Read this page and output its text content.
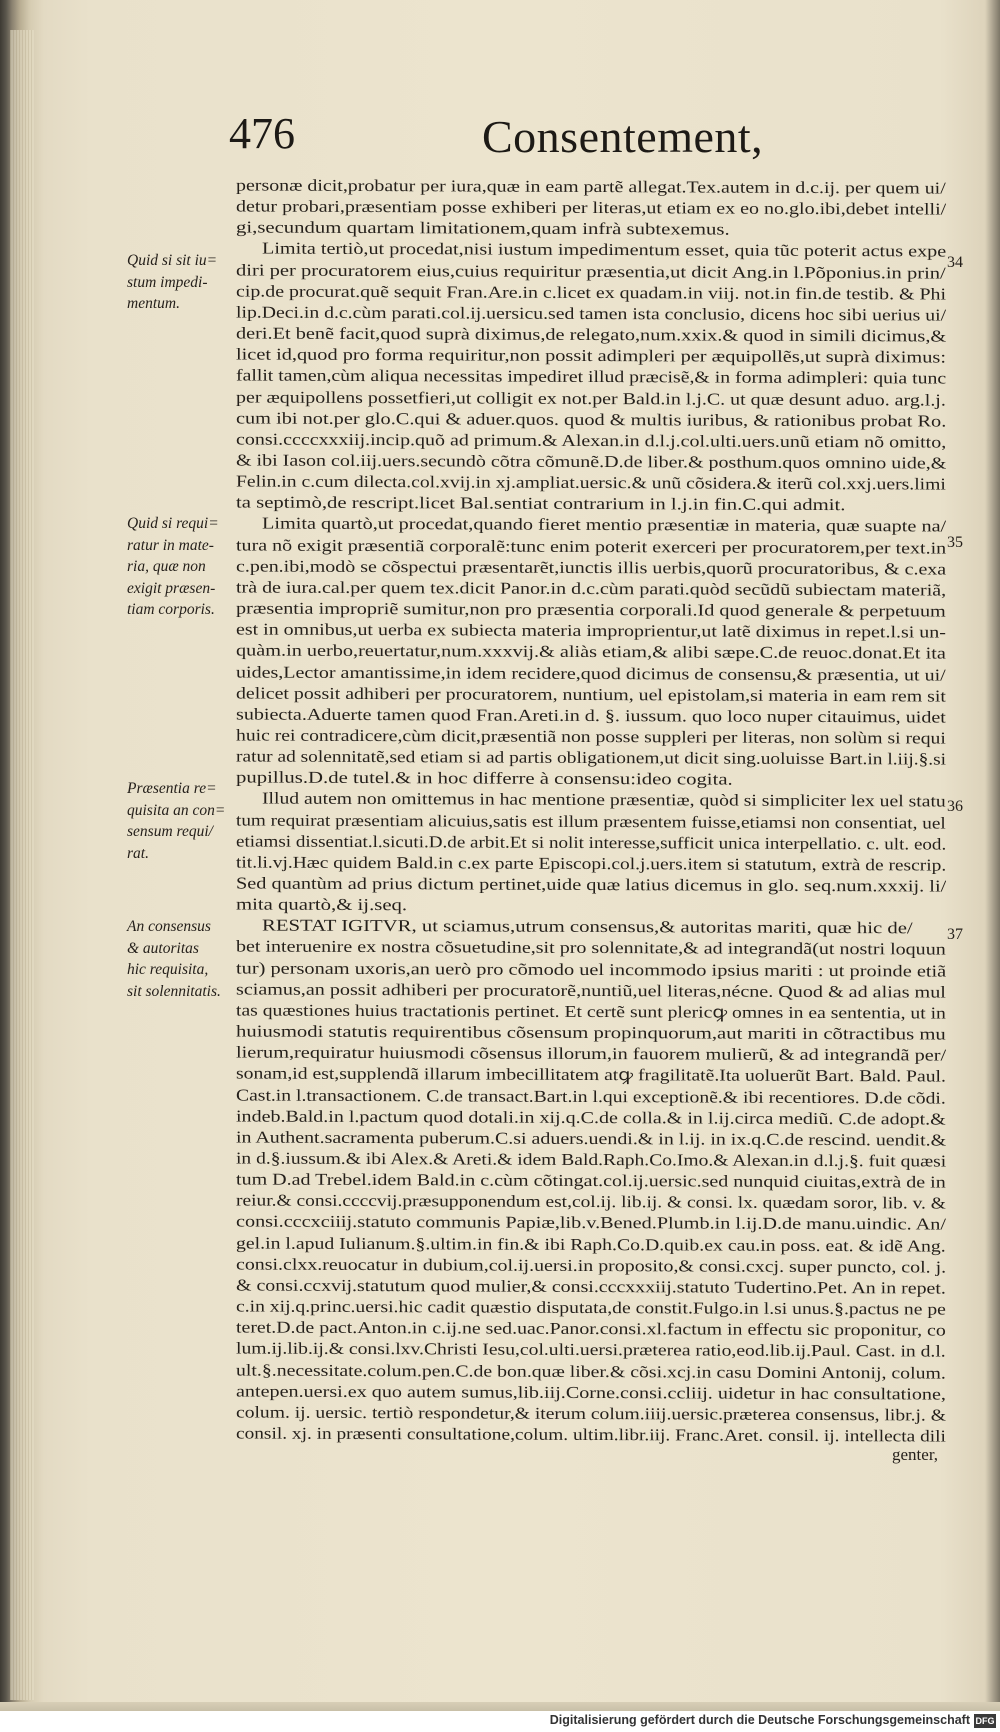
476	Consentement,
personæ dicit,probatur per iura,quæ in eam partẽ allegat.Tex.autem in d.c.ij. per quem ui/
detur probari,præsentiam posse exhiberi per literas,ut etiam ex eo no.glo.ibi,debet intelli/
gi,secundum quartam limitationem,quam infrà subtexemus.
Limita tertiò,ut procedat,nisi iustum impedimentum esset, quia tũc poterit actus expe
diri per procuratorem eius,cuius requiritur præsentia,ut dicit Ang.in l.Põponius.in prin/
cip.de procurat.quẽ sequit Fran.Are.in c.licet ex quadam.in viij. not.in fin.de testib. & Phi
lip.Deci.in d.c.cùm parati.col.ij.uersicu.sed tamen ista conclusio, dicens hoc sibi uerius ui/
deri.Et benẽ facit,quod suprà diximus,de relegato,num.xxix.& quod in simili dicimus,&
licet id,quod pro forma requiritur,non possit adimpleri per æquipollẽs,ut suprà diximus:
fallit tamen,cùm aliqua necessitas impediret illud præcisẽ,& in forma adimpleri: quia tunc
per æquipollens possetfieri,ut colligit ex not.per Bald.in l.j.C. ut quæ desunt aduo. arg.l.j.
cum ibi not.per glo.C.qui & aduer.quos. quod & multis iuribus, & rationibus probat Ro.
consi.ccccxxxiij.incip.quõ ad primum.& Alexan.in d.l.j.col.ulti.uers.unũ etiam nõ omitto,
& ibi Iason col.iij.uers.secundò cõtra cõmunẽ.D.de liber.& posthum.quos omnino uide,&
Felin.in c.cum dilecta.col.xvij.in xj.ampliat.uersic.& unũ cõsidera.& iterũ col.xxj.uers.limi
ta septimò,de rescript.licet Bal.sentiat contrarium in l.j.in fin.C.qui admit.
Limita quartò,ut procedat,quando fieret mentio præsentiæ in materia, quæ suapte na/
tura nõ exigit præsentiã corporalẽ:tunc enim poterit exerceri per procuratorem,per text.in
c.pen.ibi,modò se cõspectui præsentarẽt,iunctis illis uerbis,quorũ procuratoribus, & c.exa
trà de iura.cal.per quem tex.dicit Panor.in d.c.cùm parati.quòd secũdũ subiectam materiã,
præsentia impropriẽ sumitur,non pro præsentia corporali.Id quod generale & perpetuum
est in omnibus,ut uerba ex subiecta materia improprientur,ut latẽ diximus in repet.l.si un-
quàm.in uerbo,reuertatur,num.xxxvij.& aliàs etiam,& alibi sæpe.C.de reuoc.donat.Et ita
uides,Lector amantissime,in idem recidere,quod dicimus de consensu,& præsentia, ut ui/
delicet possit adhiberi per procuratorem, nuntium, uel epistolam,si materia in eam rem sit
subiecta.Aduerte tamen quod Fran.Areti.in d. §. iussum. quo loco nuper citauimus, uidet
huic rei contradicere,cùm dicit,præsentiã non posse suppleri per literas, non solùm si requi
ratur ad solennitatẽ,sed etiam si ad partis obligationem,ut dicit sing.uoluisse Bart.in l.iij.§.si
pupillus.D.de tutel.& in hoc differre à consensu:ideo cogita.
Illud autem non omittemus in hac mentione præsentiæ, quòd si simpliciter lex uel statu
tum requirat præsentiam alicuius,satis est illum præsentem fuisse,etiamsi non consentiat, uel
etiamsi dissentiat.l.sicuti.D.de arbit.Et si nolit interesse,sufficit unica interpellatio. c. ult. eod.
tit.li.vj.Hæc quidem Bald.in c.ex parte Episcopi.col.j.uers.item si statutum, extrà de rescrip.
Sed quantùm ad prius dictum pertinet,uide quæ latius dicemus in glo. seq.num.xxxij. li/
mita quartò,& ij.seq.
RESTAT IGITVR, ut sciamus,utrum consensus,& autoritas mariti, quæ hic de/
bet interuenire ex nostra cõsuetudine,sit pro solennitate,& ad integrandã(ut nostri loquun
tur) personam uxoris,an uerò pro cõmodo uel incommodo ipsius mariti : ut proinde etiã
sciamus,an possit adhiberi per procuratorẽ,nuntiũ,uel literas,nécne. Quod & ad alias mul
tas quæstiones huius tractationis pertinet. Et certẽ sunt plericꝙ omnes in ea sententia, ut in
huiusmodi statutis requirentibus cõsensum propinquorum,aut mariti in cõtractibus mu
lierum,requiratur huiusmodi cõsensus illorum,in fauorem mulierũ, & ad integrandã per/
sonam,id est,supplendã illarum imbecillitatem atꝙ fragilitatẽ.Ita uoluerũt Bart. Bald. Paul.
Cast.in l.transactionem. C.de transact.Bart.in l.qui exceptionẽ.& ibi recentiores. D.de cõdi.
indeb.Bald.in l.pactum quod dotali.in xij.q.C.de colla.& in l.ij.circa mediũ. C.de adopt.&
in Authent.sacramenta puberum.C.si aduers.uendi.& in l.ij. in ix.q.C.de rescind. uendit.&
in d.§.iussum.& ibi Alex.& Areti.& idem Bald.Raph.Co.Imo.& Alexan.in d.l.j.§. fuit quæsi
tum D.ad Trebel.idem Bald.in c.cùm cõtingat.col.ij.uersic.sed nunquid ciuitas,extrà de in
reiur.& consi.ccccvij.præsupponendum est,col.ij. lib.ij. & consi. lx. quædam soror, lib. v. &
consi.cccxciiij.statuto communis Papiæ,lib.v.Bened.Plumb.in l.ij.D.de manu.uindic. An/
gel.in l.apud Iulianum.§.ultim.in fin.& ibi Raph.Co.D.quib.ex cau.in poss. eat. & idẽ Ang.
consi.clxx.reuocatur in dubium,col.ij.uersi.in proposito,& consi.cxcj. super puncto, col. j.
& consi.ccxvij.statutum quod mulier,& consi.cccxxxiij.statuto Tudertino.Pet. An in repet.
c.in xij.q.princ.uersi.hic cadit quæstio disputata,de constit.Fulgo.in l.si unus.§.pactus ne pe
teret.D.de pact.Anton.in c.ij.ne sed.uac.Panor.consi.xl.factum in effectu sic proponitur, co
lum.ij.lib.ij.& consi.lxv.Christi Iesu,col.ulti.uersi.præterea ratio,eod.lib.ij.Paul. Cast. in d.l.
ult.§.necessitate.colum.pen.C.de bon.quæ liber.& cõsi.xcj.in casu Domini Antonij, colum.
antepen.uersi.ex quo autem sumus,lib.iij.Corne.consi.ccliij. uidetur in hac consultatione,
colum. ij. uersic. tertiò respondetur,& iterum colum.iiij.uersic.præterea consensus, libr.j. &
consil. xj. in præsenti consultatione,colum. ultim.libr.iij. Franc.Aret. consil. ij. intellecta dili
Quid si sit iu=
stum impedi-
mentum.
Quid si requi=
ratur in mate-
ria, quæ non
exigit præsen-
tiam corporis.
Præsentia re=
quisita an con=
sensum requi/
rat.
An consensus
& autoritas
hic requisita,
sit solennitatis.
34
35
36
37
genter,
Digitalisierung gefördert durch die Deutsche Forschungsgemeinschaft DFG
